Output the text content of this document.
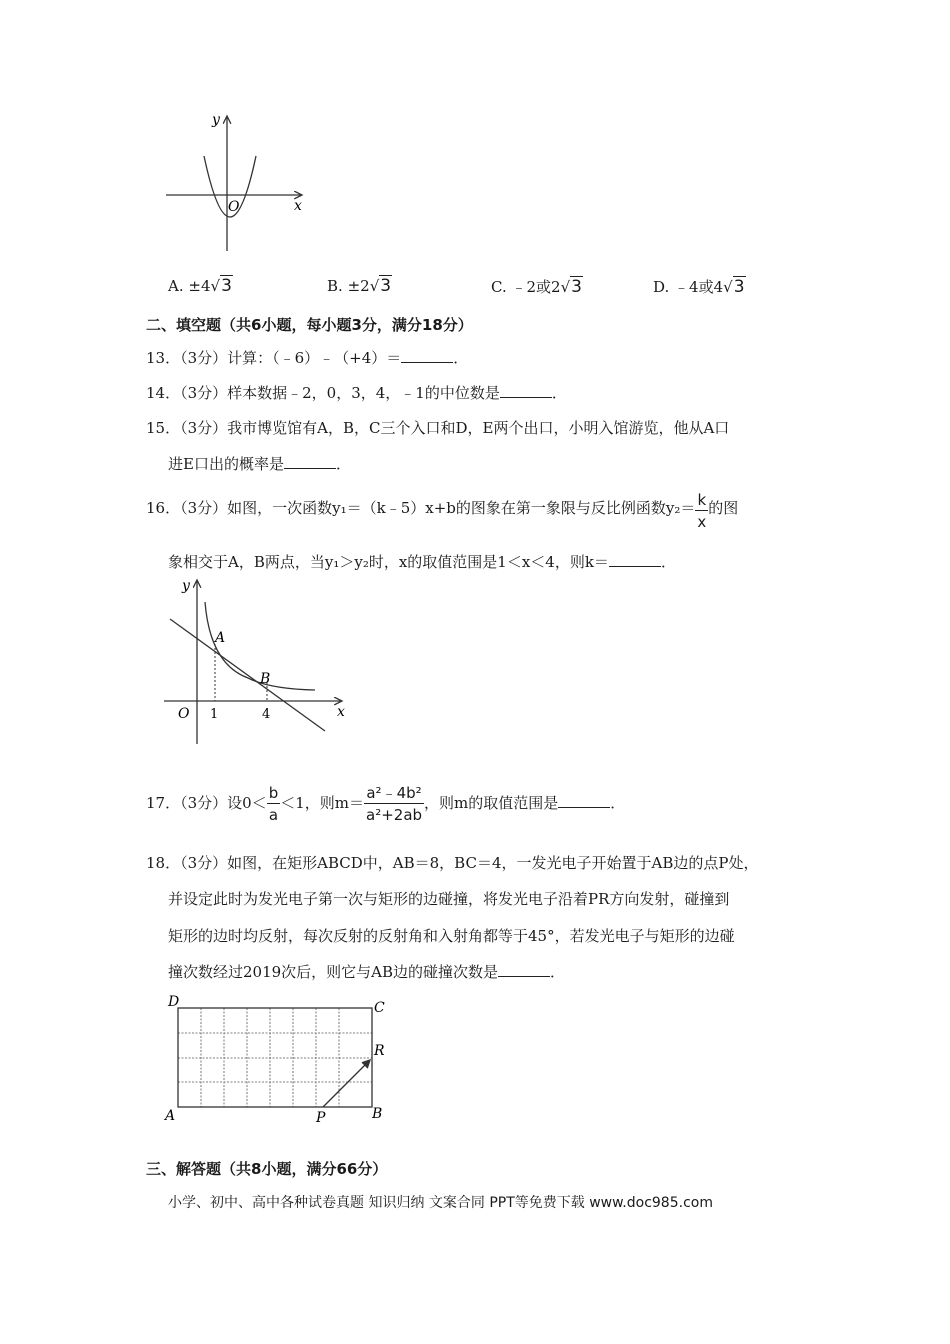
y
x
O
A. ±4√3	B. ±2√3	C. ﹣2或2√3	D. ﹣4或4√3
二、填空题（共6小题，每小题3分，满分18分）
13．（3分）计算：（﹣6）﹣（+4）＝	．
14．（3分）样本数据﹣2，0，3，4，﹣1的中位数是	．
15．（3分）我市博览馆有A，B，C三个入口和D，E两个出口，小明入馆游览，他从A口
进E口出的概率是	．
16．（3分）如图，一次函数y₁＝（k﹣5）x+b的图象在第一象限与反比例函数$y_2= \frac{k}{x}$ 的图
象相交于A，B两点，当y₁＞y₂时，x的取值范围是1＜x＜4，则k＝	．
y
x
O
A
B
1	4
17．（3分）设$0< \frac{b}{a} <1$，则$m= \frac{\text{a²﹣4b²}}{\text{a²+2ab}}$ ，则m的取值范围是	．
18．（3分）如图，在矩形ABCD中，AB＝8，BC＝4，一发光电子开始置于AB边的点P处，
并设定此时为发光电子第一次与矩形的边碰撞，将发光电子沿着PR方向发射，碰撞到
矩形的边时均反射，每次反射的反射角和入射角都等于45°，若发光电子与矩形的边碰
撞次数经过2019次后，则它与AB边的碰撞次数是	．
D	C
A	B
P
R
三、解答题（共8小题，满分66分）
小学、初中、高中各种试卷真题 知识归纳 文案合同 PPT等免费下载 www.doc985.com
